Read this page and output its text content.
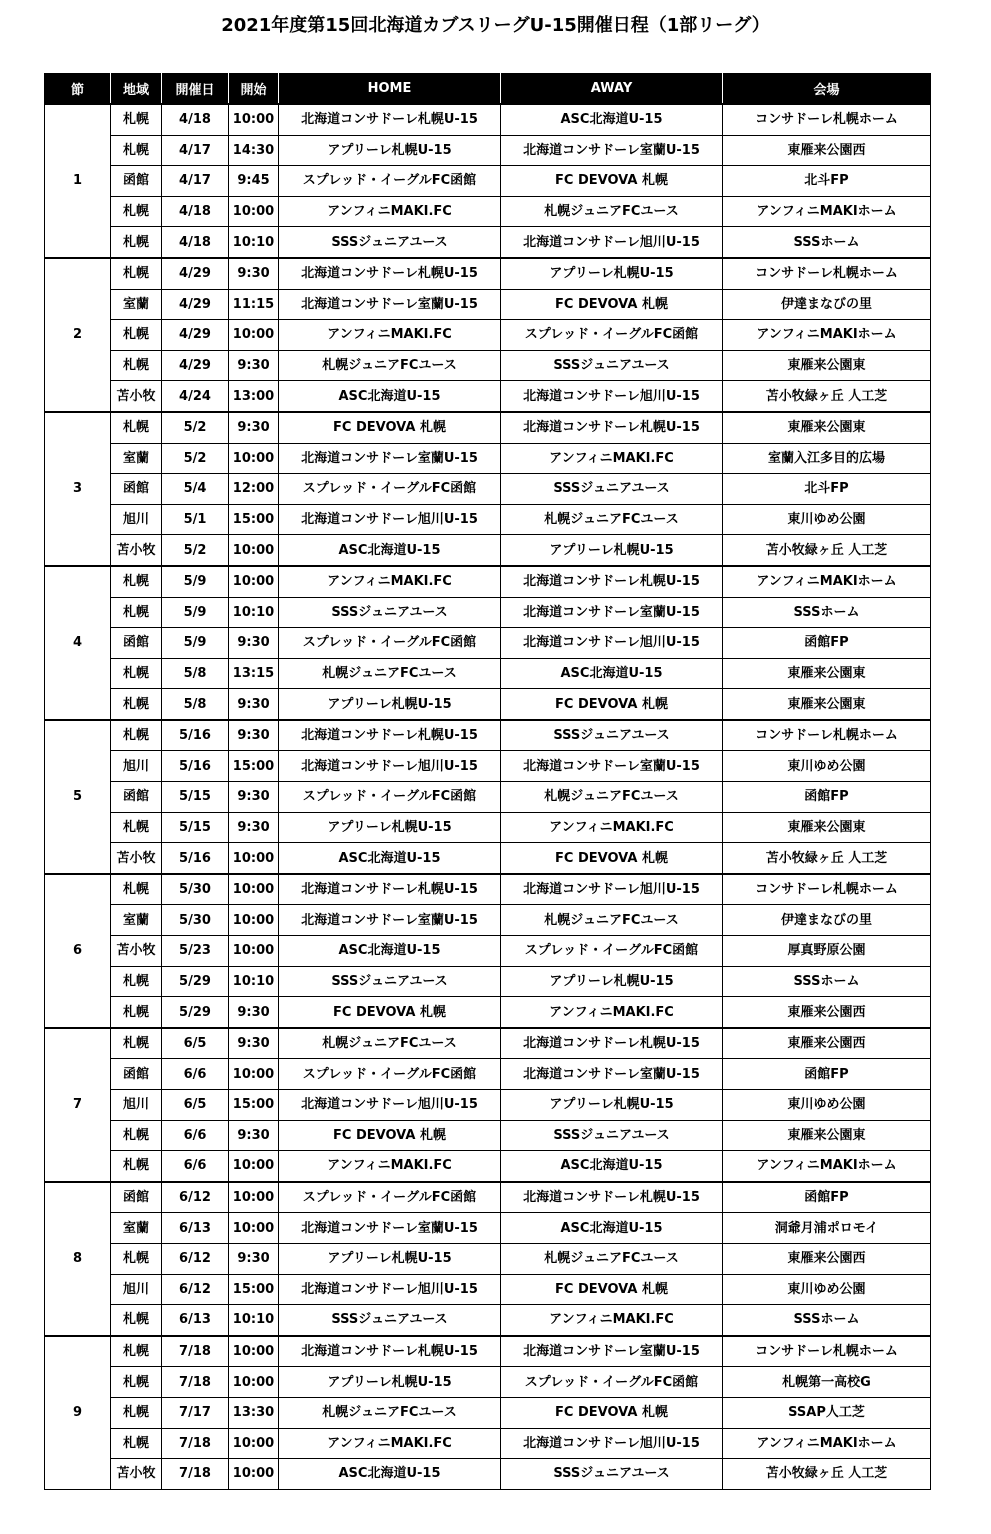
2021年度第15回北海道カブスリーグU-15開催日程（1部リーグ）
節	地域	開催日	開始	HOME	AWAY	会場
1	札幌	4/18	10:00	北海道コンサドーレ札幌U-15	ASC北海道U-15	コンサドーレ札幌ホーム
	札幌	4/17	14:30	アプリーレ札幌U-15	北海道コンサドーレ室蘭U-15	東雁来公園西
	函館	4/17	9:45	スプレッド・イーグルFC函館	FC DEVOVA 札幌	北斗FP
	札幌	4/18	10:00	アンフィニMAKI.FC	札幌ジュニアFCユース	アンフィニMAKIホーム
	札幌	4/18	10:10	SSSジュニアユース	北海道コンサドーレ旭川U-15	SSSホーム
2	札幌	4/29	9:30	北海道コンサドーレ札幌U-15	アプリーレ札幌U-15	コンサドーレ札幌ホーム
	室蘭	4/29	11:15	北海道コンサドーレ室蘭U-15	FC DEVOVA 札幌	伊達まなびの里
	札幌	4/29	10:00	アンフィニMAKI.FC	スプレッド・イーグルFC函館	アンフィニMAKIホーム
	札幌	4/29	9:30	札幌ジュニアFCユース	SSSジュニアユース	東雁来公園東
	苫小牧	4/24	13:00	ASC北海道U-15	北海道コンサドーレ旭川U-15	苫小牧緑ヶ丘 人工芝
3	札幌	5/2	9:30	FC DEVOVA 札幌	北海道コンサドーレ札幌U-15	東雁来公園東
	室蘭	5/2	10:00	北海道コンサドーレ室蘭U-15	アンフィニMAKI.FC	室蘭入江多目的広場
	函館	5/4	12:00	スプレッド・イーグルFC函館	SSSジュニアユース	北斗FP
	旭川	5/1	15:00	北海道コンサドーレ旭川U-15	札幌ジュニアFCユース	東川ゆめ公園
	苫小牧	5/2	10:00	ASC北海道U-15	アプリーレ札幌U-15	苫小牧緑ヶ丘 人工芝
4	札幌	5/9	10:00	アンフィニMAKI.FC	北海道コンサドーレ札幌U-15	アンフィニMAKIホーム
	札幌	5/9	10:10	SSSジュニアユース	北海道コンサドーレ室蘭U-15	SSSホーム
	函館	5/9	9:30	スプレッド・イーグルFC函館	北海道コンサドーレ旭川U-15	函館FP
	札幌	5/8	13:15	札幌ジュニアFCユース	ASC北海道U-15	東雁来公園東
	札幌	5/8	9:30	アプリーレ札幌U-15	FC DEVOVA 札幌	東雁来公園東
5	札幌	5/16	9:30	北海道コンサドーレ札幌U-15	SSSジュニアユース	コンサドーレ札幌ホーム
	旭川	5/16	15:00	北海道コンサドーレ旭川U-15	北海道コンサドーレ室蘭U-15	東川ゆめ公園
	函館	5/15	9:30	スプレッド・イーグルFC函館	札幌ジュニアFCユース	函館FP
	札幌	5/15	9:30	アプリーレ札幌U-15	アンフィニMAKI.FC	東雁来公園東
	苫小牧	5/16	10:00	ASC北海道U-15	FC DEVOVA 札幌	苫小牧緑ヶ丘 人工芝
6	札幌	5/30	10:00	北海道コンサドーレ札幌U-15	北海道コンサドーレ旭川U-15	コンサドーレ札幌ホーム
	室蘭	5/30	10:00	北海道コンサドーレ室蘭U-15	札幌ジュニアFCユース	伊達まなびの里
	苫小牧	5/23	10:00	ASC北海道U-15	スプレッド・イーグルFC函館	厚真野原公園
	札幌	5/29	10:10	SSSジュニアユース	アプリーレ札幌U-15	SSSホーム
	札幌	5/29	9:30	FC DEVOVA 札幌	アンフィニMAKI.FC	東雁来公園西
7	札幌	6/5	9:30	札幌ジュニアFCユース	北海道コンサドーレ札幌U-15	東雁来公園西
	函館	6/6	10:00	スプレッド・イーグルFC函館	北海道コンサドーレ室蘭U-15	函館FP
	旭川	6/5	15:00	北海道コンサドーレ旭川U-15	アプリーレ札幌U-15	東川ゆめ公園
	札幌	6/6	9:30	FC DEVOVA 札幌	SSSジュニアユース	東雁来公園東
	札幌	6/6	10:00	アンフィニMAKI.FC	ASC北海道U-15	アンフィニMAKIホーム
8	函館	6/12	10:00	スプレッド・イーグルFC函館	北海道コンサドーレ札幌U-15	函館FP
	室蘭	6/13	10:00	北海道コンサドーレ室蘭U-15	ASC北海道U-15	洞爺月浦ポロモイ
	札幌	6/12	9:30	アプリーレ札幌U-15	札幌ジュニアFCユース	東雁来公園西
	旭川	6/12	15:00	北海道コンサドーレ旭川U-15	FC DEVOVA 札幌	東川ゆめ公園
	札幌	6/13	10:10	SSSジュニアユース	アンフィニMAKI.FC	SSSホーム
9	札幌	7/18	10:00	北海道コンサドーレ札幌U-15	北海道コンサドーレ室蘭U-15	コンサドーレ札幌ホーム
	札幌	7/18	10:00	アプリーレ札幌U-15	スプレッド・イーグルFC函館	札幌第一高校G
	札幌	7/17	13:30	札幌ジュニアFCユース	FC DEVOVA 札幌	SSAP人工芝
	札幌	7/18	10:00	アンフィニMAKI.FC	北海道コンサドーレ旭川U-15	アンフィニMAKIホーム
	苫小牧	7/18	10:00	ASC北海道U-15	SSSジュニアユース	苫小牧緑ヶ丘 人工芝
